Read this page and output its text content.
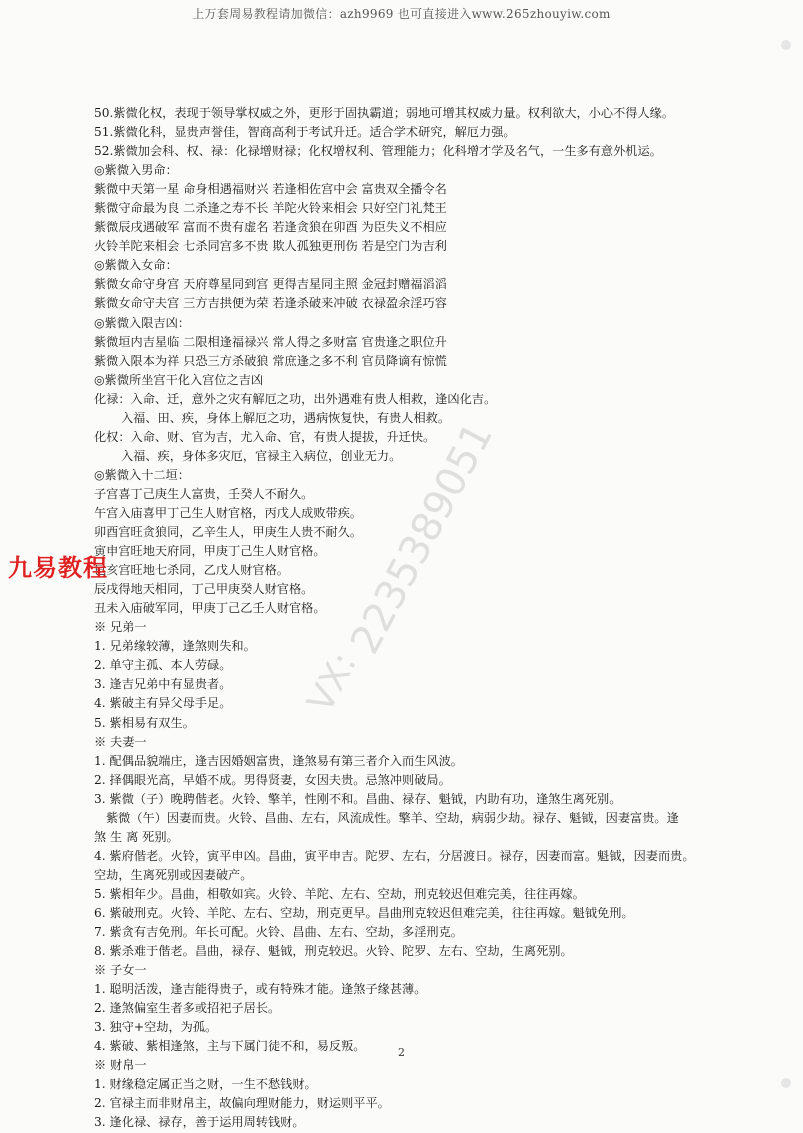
上万套周易教程请加微信：azh9969 也可直接进入www.265zhouyiw.com
50.紫微化权，表现于领导掌权威之外，更形于固执霸道；弱地可增其权威力量。权利欲大，小心不得人缘。
51.紫微化科，显贵声誉佳，智商高利于考试升迁。适合学术研究，解厄力强。
52.紫微加会科、权、禄：化禄增财禄；化权增权利、管理能力；化科增才学及名气，一生多有意外机运。
◎紫微入男命：
紫微中天第一星 命身相遇福财兴 若逢相佐宫中会 富贵双全播令名
紫微守命最为良 二杀逢之寿不长 羊陀火铃来相会 只好空门礼梵王
紫微辰戌遇破军 富而不贵有虚名 若逢贪狼在卯酉 为臣失义不相应
火铃羊陀来相会 七杀同宫多不贵 欺人孤独更刑伤 若是空门为吉利
◎紫微入女命：
紫微女命守身宫 天府尊星同到宫 更得吉星同主照 金冠封赠福滔滔
紫微女命守夫宫 三方吉拱便为荣 若逢杀破来冲破 衣禄盈余淫巧容
◎紫微入限吉凶：
紫微垣内吉星临 二限相逢福禄兴 常人得之多财富 官贵逢之职位升
紫微入限本为祥 只恐三方杀破狼 常庶逢之多不利 官员降谪有惊慌
◎紫微所坐宫干化入宫位之吉凶
化禄：入命、迁，意外之灾有解厄之功，出外遇难有贵人相救，逢凶化吉。
入福、田、疾，身体上解厄之功，遇病恢复快，有贵人相救。
化权：入命、财、官为吉，尤入命、官，有贵人提拔，升迁快。
入福、疾，身体多灾厄，官禄主入病位，创业无力。
◎紫微入十二垣：
子宫喜丁己庚生人富贵，壬癸人不耐久。
午宫入庙喜甲丁己生人财官格，丙戊人成败带疾。
卯酉宫旺贪狼同，乙辛生人，甲庚生人贵不耐久。
寅申宫旺地天府同，甲庚丁己生人财官格。
巳亥宫旺地七杀同，乙戊人财官格。
辰戌得地天相同，丁己甲庚癸人财官格。
丑未入庙破军同，甲庚丁己乙壬人财官格。
※ 兄弟一
1. 兄弟缘较薄，逢煞则失和。
2. 单守主孤、本人劳碌。
3. 逢吉兄弟中有显贵者。
4. 紫破主有异父母手足。
5. 紫相易有双生。
※ 夫妻一
1. 配偶品貌端庄，逢吉因婚姻富贵，逢煞易有第三者介入而生风波。
2. 择偶眼光高，早婚不成。男得贤妻，女因夫贵。忌煞冲则破局。
3. 紫微（子）晚聘偕老。火铃、擎羊，性刚不和。昌曲、禄存、魁钺，内助有功，逢煞生离死别。
紫微（午）因妻而贵。火铃、昌曲、左右，风流成性。擎羊、空劫，病弱少劫。禄存、魁钺，因妻富贵。逢
煞 生 离 死别。
4. 紫府偕老。火铃，寅平申凶。昌曲，寅平申吉。陀罗、左右，分居渡日。禄存，因妻而富。魁钺，因妻而贵。
空劫，生离死别或因妻破产。
5. 紫相年少。昌曲，相敬如宾。火铃、羊陀、左右、空劫，刑克较迟但难完美，往往再嫁。
6. 紫破刑克。火铃、羊陀、左右、空劫，刑克更早。昌曲刑克较迟但难完美，往往再嫁。魁钺免刑。
7. 紫贪有吉免刑。年长可配。火铃、昌曲、左右、空劫，多淫刑克。
8. 紫杀难于偕老。昌曲，禄存、魁钺，刑克较迟。火铃、陀罗、左右、空劫，生离死别。
※ 子女一
1. 聪明活泼，逢吉能得贵子，或有特殊才能。逢煞子缘甚薄。
2. 逢煞偏室生者多或招祀子居长。
3. 独守+空劫，为孤。
4. 紫破、紫相逢煞，主与下属门徒不和，易反叛。
※ 财帛一
1. 财缘稳定属正当之财，一生不愁钱财。
2. 官禄主而非财帛主，故偏向理财能力，财运则平平。
3. 逢化禄、禄存，善于运用周转钱财。
2235389051
VX:
九易教程
2
